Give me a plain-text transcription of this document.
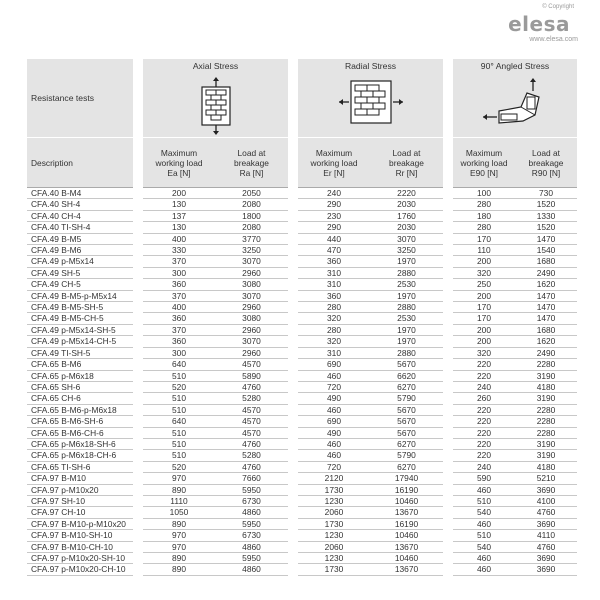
© Copyright
elesa
www.elesa.com
Resistance tests		Axial Stress			Radial Stress			90° Angled Stress	

Description		Maximum
working load
Ea [N]	Load at
breakage
Ra [N]		Maximum
working load
Er [N]	Load at
breakage
Rr [N]		Maximum
working load
E90 [N]	Load at
breakage
R90 [N]
CFA.40 B-M4		200	2050		240	2220		100	730
CFA.40 SH-4		130	2080		290	2030		280	1520
CFA.40 CH-4		137	1800		230	1760		180	1330
CFA.40 TI-SH-4		130	2080		290	2030		280	1520
CFA.49 B-M5		400	3770		440	3070		170	1470
CFA.49 B-M6		330	3250		470	3250		110	1540
CFA.49 p-M5x14		370	3070		360	1970		200	1680
CFA.49 SH-5		300	2960		310	2880		320	2490
CFA.49 CH-5		360	3080		310	2530		250	1620
CFA.49 B-M5-p-M5x14		370	3070		360	1970		200	1470
CFA.49 B-M5-SH-5		400	2960		280	2880		170	1470
CFA.49 B-M5-CH-5		360	3080		320	2530		170	1470
CFA.49 p-M5x14-SH-5		370	2960		280	1970		200	1680
CFA.49 p-M5x14-CH-5		360	3070		320	1970		200	1620
CFA.49 TI-SH-5		300	2960		310	2880		320	2490
CFA.65 B-M6		640	4570		690	5670		220	2280
CFA.65 p-M6x18		510	5890		460	6620		220	3190
CFA.65 SH-6		520	4760		720	6270		240	4180
CFA.65 CH-6		510	5280		490	5790		260	3190
CFA.65 B-M6-p-M6x18		510	4570		460	5670		220	2280
CFA.65 B-M6-SH-6		640	4570		690	5670		220	2280
CFA.65 B-M6-CH-6		510	4570		490	5670		220	2280
CFA.65 p-M6x18-SH-6		510	4760		460	6270		220	3190
CFA.65 p-M6x18-CH-6		510	5280		460	5790		220	3190
CFA.65 TI-SH-6		520	4760		720	6270		240	4180
CFA.97 B-M10		970	7660		2120	17940		590	5210
CFA.97 p-M10x20		890	5950		1730	16190		460	3690
CFA.97 SH-10		1110	6730		1230	10460		510	4100
CFA.97 CH-10		1050	4860		2060	13670		540	4760
CFA.97 B-M10-p-M10x20		890	5950		1730	16190		460	3690
CFA.97 B-M10-SH-10		970	6730		1230	10460		510	4110
CFA.97 B-M10-CH-10		970	4860		2060	13670		540	4760
CFA.97 p-M10x20-SH-10		890	5950		1230	10460		460	3690
CFA.97 p-M10x20-CH-10		890	4860		1730	13670		460	3690
